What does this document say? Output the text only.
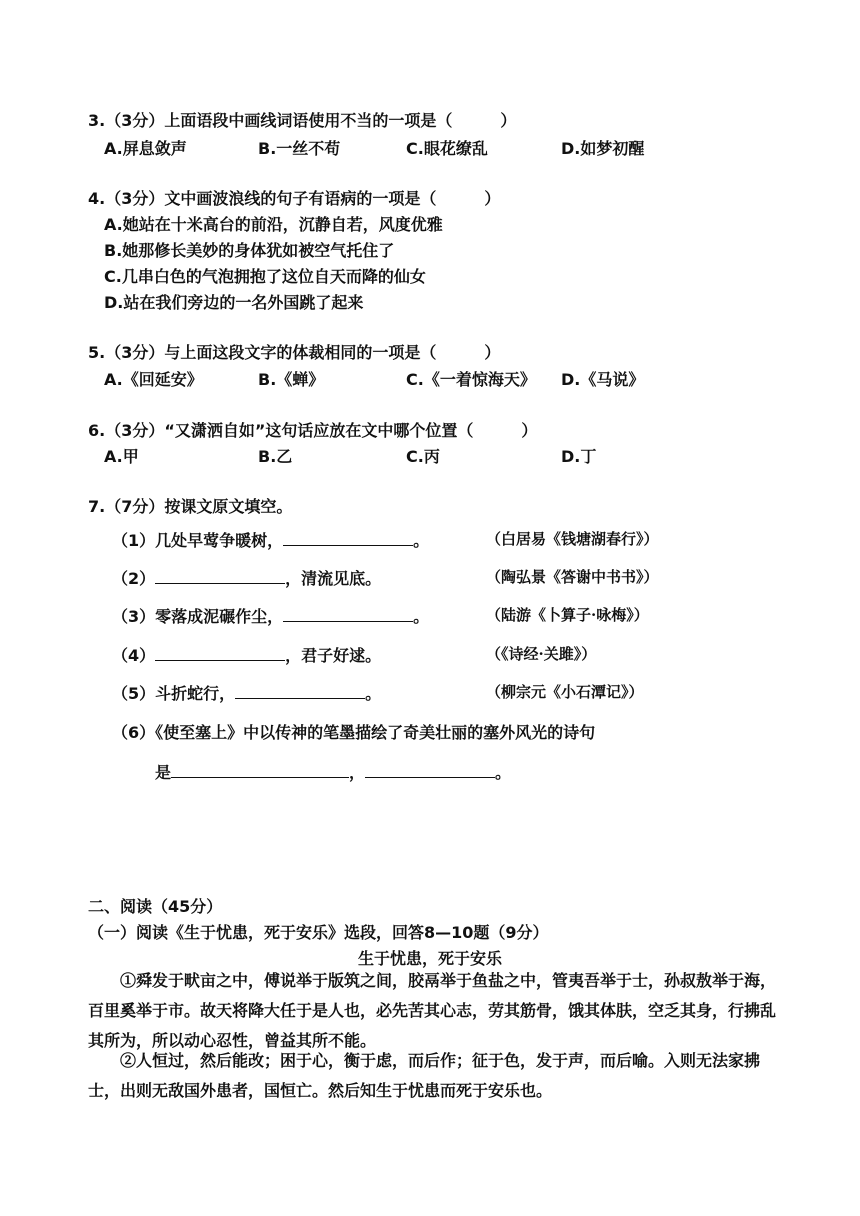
3.（3分）上面语段中画线词语使用不当的一项是（　　　）
A.屏息敛声	B.一丝不苟	C.眼花缭乱	D.如梦初醒
4.（3分）文中画波浪线的句子有语病的一项是（　　　）
A.她站在十米高台的前沿，沉静自若，风度优雅
B.她那修长美妙的身体犹如被空气托住了
C.几串白色的气泡拥抱了这位自天而降的仙女
D.站在我们旁边的一名外国跳了起来
5.（3分）与上面这段文字的体裁相同的一项是（　　　）
A.《回延安》	B.《蝉》	C.《一着惊海天》 D.《马说》
6.（3分）“又潇洒自如”这句话应放在文中哪个位置（　　　）
A.甲	B.乙	C.丙	D.丁
7.（7分）按课文原文填空。
（1）几处早莺争暖树，	。	（白居易《钱塘湖春行》）
（2）	，清流见底。	（陶弘景《答谢中书书》）
（3）零落成泥碾作尘，	。	（陆游《卜算子·咏梅》）
（4）	，君子好逑。	（《诗经·关雎》）
（5）斗折蛇行，	。	（柳宗元《小石潭记》）
（6）《使至塞上》中以传神的笔墨描绘了奇美壮丽的塞外风光的诗句
是	，	。
二、阅读（45分）
（一）阅读《生于忧患，死于安乐》选段，回答8—10题（9分）
生于忧患，死于安乐
①舜发于畎亩之中，傅说举于版筑之间，胶鬲举于鱼盐之中，管夷吾举于士，孙叔敖举于海，百里奚举于市。故天将降大任于是人也，必先苦其心志，劳其筋骨，饿其体肤，空乏其身，行拂乱其所为，所以动心忍性，曾益其所不能。
②人恒过，然后能改；困于心，衡于虑，而后作；征于色，发于声，而后喻。入则无法家拂士，出则无敌国外患者，国恒亡。然后知生于忧患而死于安乐也。
